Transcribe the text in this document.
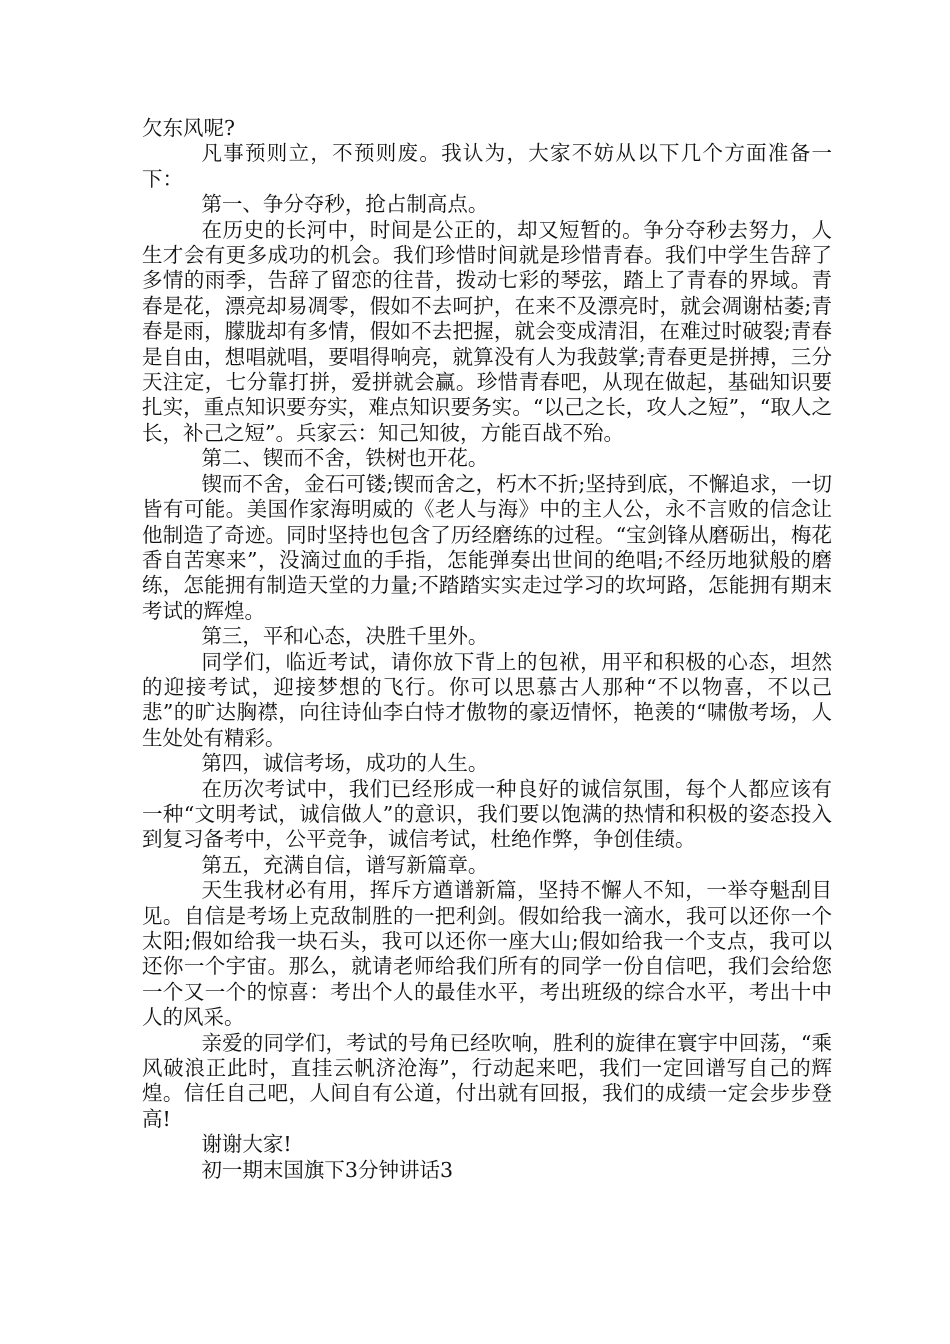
欠东风呢?

凡事预则立，不预则废。我认为，大家不妨从以下几个方面准备一下：

第一、争分夺秒，抢占制高点。

在历史的长河中，时间是公正的，却又短暂的。争分夺秒去努力，人生才会有更多成功的机会。我们珍惜时间就是珍惜青春。我们中学生告辞了多情的雨季，告辞了留恋的往昔，拨动七彩的琴弦，踏上了青春的界域。青春是花，漂亮却易凋零，假如不去呵护，在来不及漂亮时，就会凋谢枯萎;青春是雨，朦胧却有多情，假如不去把握，就会变成清泪，在难过时破裂;青春是自由，想唱就唱，要唱得响亮，就算没有人为我鼓掌;青春更是拼搏，三分天注定，七分靠打拼，爱拼就会赢。珍惜青春吧，从现在做起，基础知识要扎实，重点知识要夯实，难点知识要务实。“以己之长，攻人之短”，“取人之长，补己之短”。兵家云：知己知彼，方能百战不殆。

第二、锲而不舍，铁树也开花。

锲而不舍，金石可镂;锲而舍之，朽木不折;坚持到底，不懈追求，一切皆有可能。美国作家海明威的《老人与海》中的主人公，永不言败的信念让他制造了奇迹。同时坚持也包含了历经磨练的过程。“宝剑锋从磨砺出，梅花香自苦寒来”，没滴过血的手指，怎能弹奏出世间的绝唱;不经历地狱般的磨练，怎能拥有制造天堂的力量;不踏踏实实走过学习的坎坷路，怎能拥有期末考试的辉煌。

第三，平和心态，决胜千里外。

同学们，临近考试，请你放下背上的包袱，用平和积极的心态，坦然的迎接考试，迎接梦想的飞行。你可以思慕古人那种“不以物喜，不以己悲”的旷达胸襟，向往诗仙李白恃才傲物的豪迈情怀，艳羡的“啸傲考场，人生处处有精彩。

第四，诚信考场，成功的人生。

在历次考试中，我们已经形成一种良好的诚信氛围，每个人都应该有一种“文明考试，诚信做人”的意识，我们要以饱满的热情和积极的姿态投入到复习备考中，公平竞争，诚信考试，杜绝作弊，争创佳绩。

第五，充满自信，谱写新篇章。

天生我材必有用，挥斥方遒谱新篇，坚持不懈人不知，一举夺魁刮目见。自信是考场上克敌制胜的一把利剑。假如给我一滴水，我可以还你一个太阳;假如给我一块石头，我可以还你一座大山;假如给我一个支点，我可以还你一个宇宙。那么，就请老师给我们所有的同学一份自信吧，我们会给您一个又一个的惊喜：考出个人的最佳水平，考出班级的综合水平，考出十中人的风采。

亲爱的同学们，考试的号角已经吹响，胜利的旋律在寰宇中回荡，“乘风破浪正此时，直挂云帆济沧海”，行动起来吧，我们一定回谱写自己的辉煌。信任自己吧，人间自有公道，付出就有回报，我们的成绩一定会步步登高!

谢谢大家!

初一期末国旗下3分钟讲话3
